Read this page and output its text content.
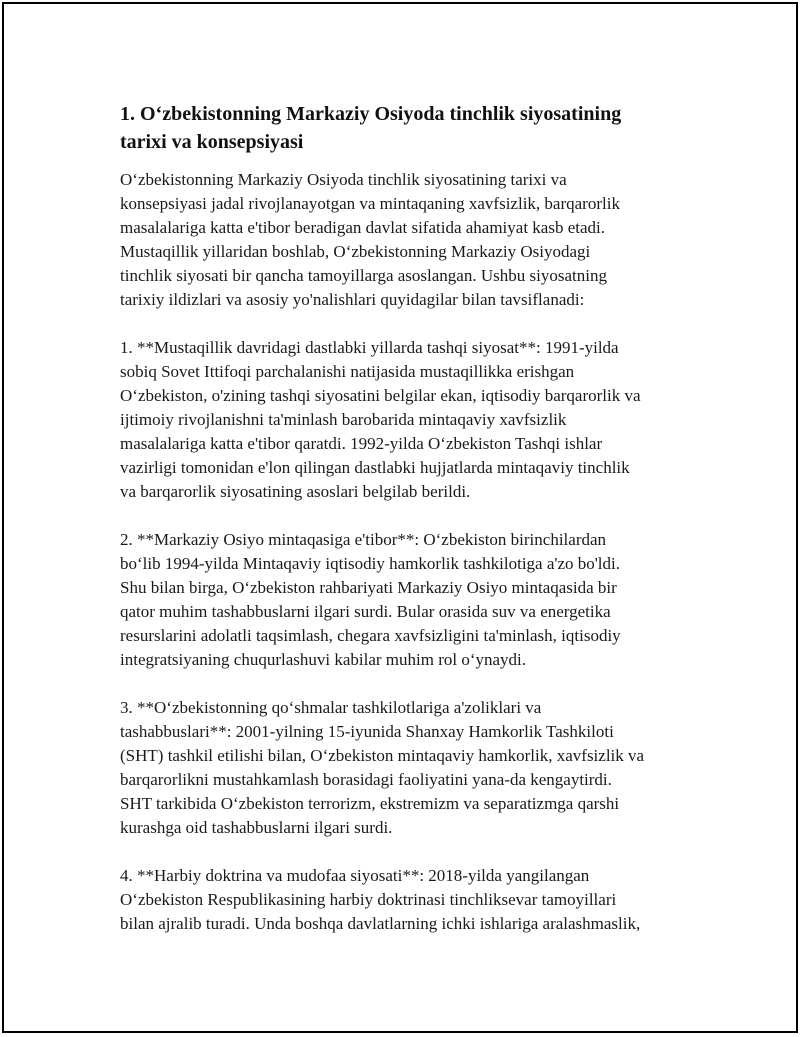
1. O‘zbekistonning Markaziy Osiyoda tinchlik siyosatining
tarixi va konsepsiyasi

O‘zbekistonning Markaziy Osiyoda tinchlik siyosatining tarixi va
konsepsiyasi jadal rivojlanayotgan va mintaqaning xavfsizlik, barqarorlik
masalalariga katta e'tibor beradigan davlat sifatida ahamiyat kasb etadi.
Mustaqillik yillaridan boshlab, O‘zbekistonning Markaziy Osiyodagi
tinchlik siyosati bir qancha tamoyillarga asoslangan. Ushbu siyosatning
tarixiy ildizlari va asosiy yo'nalishlari quyidagilar bilan tavsiflanadi:

1. **Mustaqillik davridagi dastlabki yillarda tashqi siyosat**: 1991-yilda
sobiq Sovet Ittifoqi parchalanishi natijasida mustaqillikka erishgan
O‘zbekiston, o'zining tashqi siyosatini belgilar ekan, iqtisodiy barqarorlik va
ijtimoiy rivojlanishni ta'minlash barobarida mintaqaviy xavfsizlik
masalalariga katta e'tibor qaratdi. 1992-yilda O‘zbekiston Tashqi ishlar
vazirligi tomonidan e'lon qilingan dastlabki hujjatlarda mintaqaviy tinchlik
va barqarorlik siyosatining asoslari belgilab berildi.

2. **Markaziy Osiyo mintaqasiga e'tibor**: O‘zbekiston birinchilardan
bo‘lib 1994-yilda Mintaqaviy iqtisodiy hamkorlik tashkilotiga a'zo bo'ldi.
Shu bilan birga, O‘zbekiston rahbariyati Markaziy Osiyo mintaqasida bir
qator muhim tashabbuslarni ilgari surdi. Bular orasida suv va energetika
resurslarini adolatli taqsimlash, chegara xavfsizligini ta'minlash, iqtisodiy
integratsiyaning chuqurlashuvi kabilar muhim rol o‘ynaydi.

3. **O‘zbekistonning qo‘shmalar tashkilotlariga a'zoliklari va
tashabbuslari**: 2001-yilning 15-iyunida Shanxay Hamkorlik Tashkiloti
(SHT) tashkil etilishi bilan, O‘zbekiston mintaqaviy hamkorlik, xavfsizlik va
barqarorlikni mustahkamlash borasidagi faoliyatini yana-da kengaytirdi.
SHT tarkibida O‘zbekiston terrorizm, ekstremizm va separatizmga qarshi
kurashga oid tashabbuslarni ilgari surdi.

4. **Harbiy doktrina va mudofaa siyosati**: 2018-yilda yangilangan
O‘zbekiston Respublikasining harbiy doktrinasi tinchliksevar tamoyillari
bilan ajralib turadi. Unda boshqa davlatlarning ichki ishlariga aralashmaslik,
